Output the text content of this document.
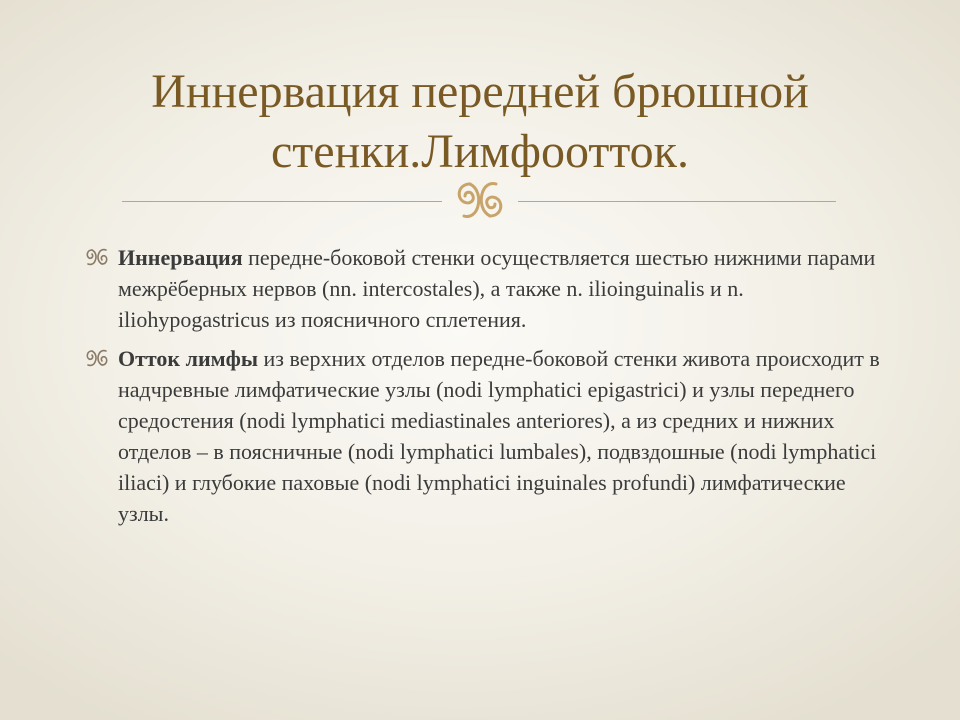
Иннервация передней брюшной стенки.Лимфоотток.
Иннервация передне-боковой стенки осуществляется шестью нижними парами межрёберных нервов (nn. intercostales), а также n. ilioinguinalis и n. iliohypogastricus из поясничного сплетения.
Отток лимфы из верхних отделов передне-боковой стенки живота происходит в надчревные лимфатические узлы (nodi lymphatici epigastrici) и узлы переднего средостения (nodi lymphatici mediastinales anteriores), а из средних и нижних отделов – в поясничные (nodi lymphatici lumbales), подвздошные (nodi lymphatici iliaci) и глубокие паховые (nodi lymphatici inguinales profundi) лимфатические узлы.
